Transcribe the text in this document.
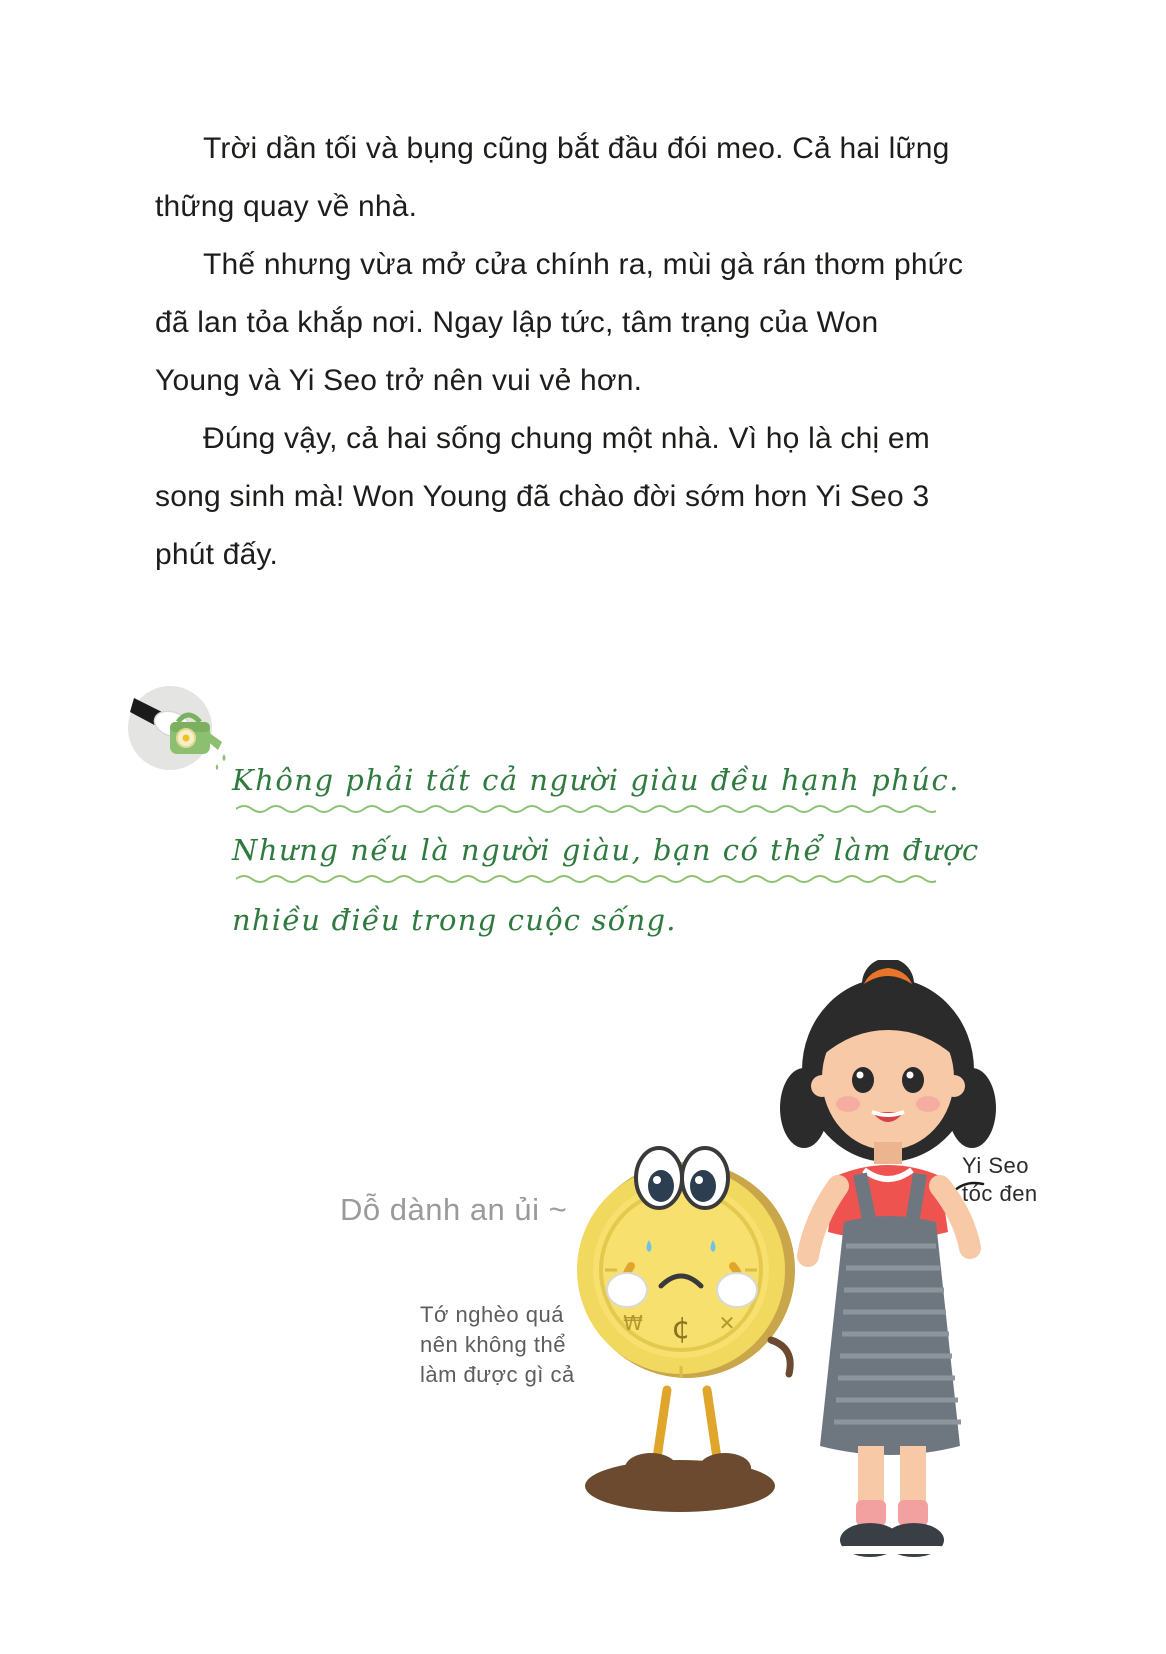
Trời dần tối và bụng cũng bắt đầu đói meo. Cả hai lững thững quay về nhà.

Thế nhưng vừa mở cửa chính ra, mùi gà rán thơm phức đã lan tỏa khắp nơi. Ngay lập tức, tâm trạng của Won Young và Yi Seo trở nên vui vẻ hơn.

Đúng vậy, cả hai sống chung một nhà. Vì họ là chị em song sinh mà! Won Young đã chào đời sớm hơn Yi Seo 3 phút đấy.

Không phải tất cả người giàu đều hạnh phúc.
Nhưng nếu là người giàu, bạn có thể làm được
nhiều điều trong cuộc sống.
Dỗ dành an ủi ~
Tớ nghèo quá
nên không thể
làm được gì cả
Yi Seo
tóc đen
¢
₩	✕
